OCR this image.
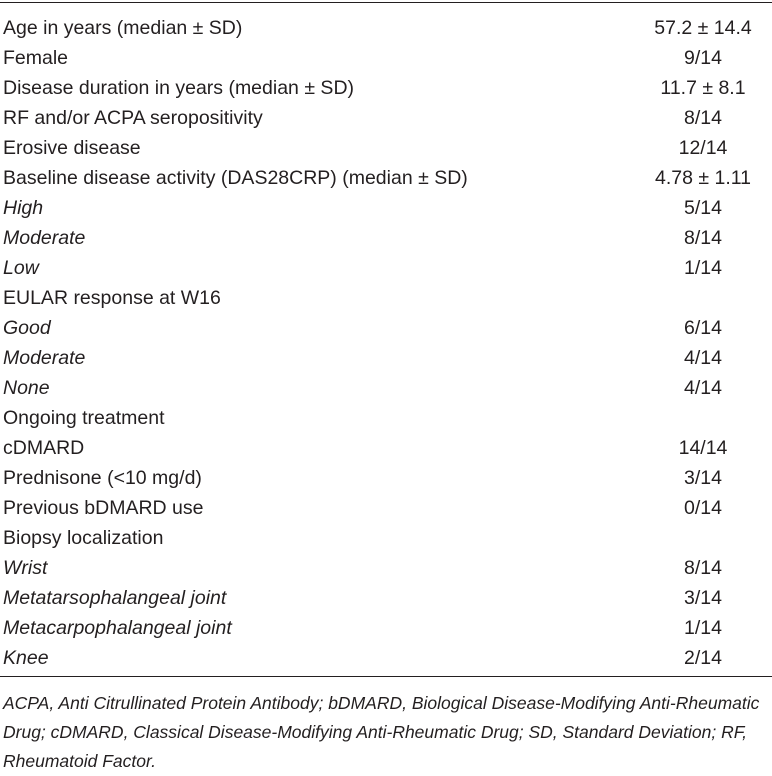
Age in years (median ± SD)	57.2 ± 14.4
Female	9/14
Disease duration in years (median ± SD)	11.7 ± 8.1
RF and/or ACPA seropositivity	8/14
Erosive disease	12/14
Baseline disease activity (DAS28CRP) (median ± SD)	4.78 ± 1.11
High	5/14
Moderate	8/14
Low	1/14
EULAR response at W16
Good	6/14
Moderate	4/14
None	4/14
Ongoing treatment
cDMARD	14/14
Prednisone (<10 mg/d)	3/14
Previous bDMARD use	0/14
Biopsy localization
Wrist	8/14
Metatarsophalangeal joint	3/14
Metacarpophalangeal joint	1/14
Knee	2/14
ACPA, Anti Citrullinated Protein Antibody; bDMARD, Biological Disease-Modifying Anti-Rheumatic Drug; cDMARD, Classical Disease-Modifying Anti-Rheumatic Drug; SD, Standard Deviation; RF, Rheumatoid Factor.
